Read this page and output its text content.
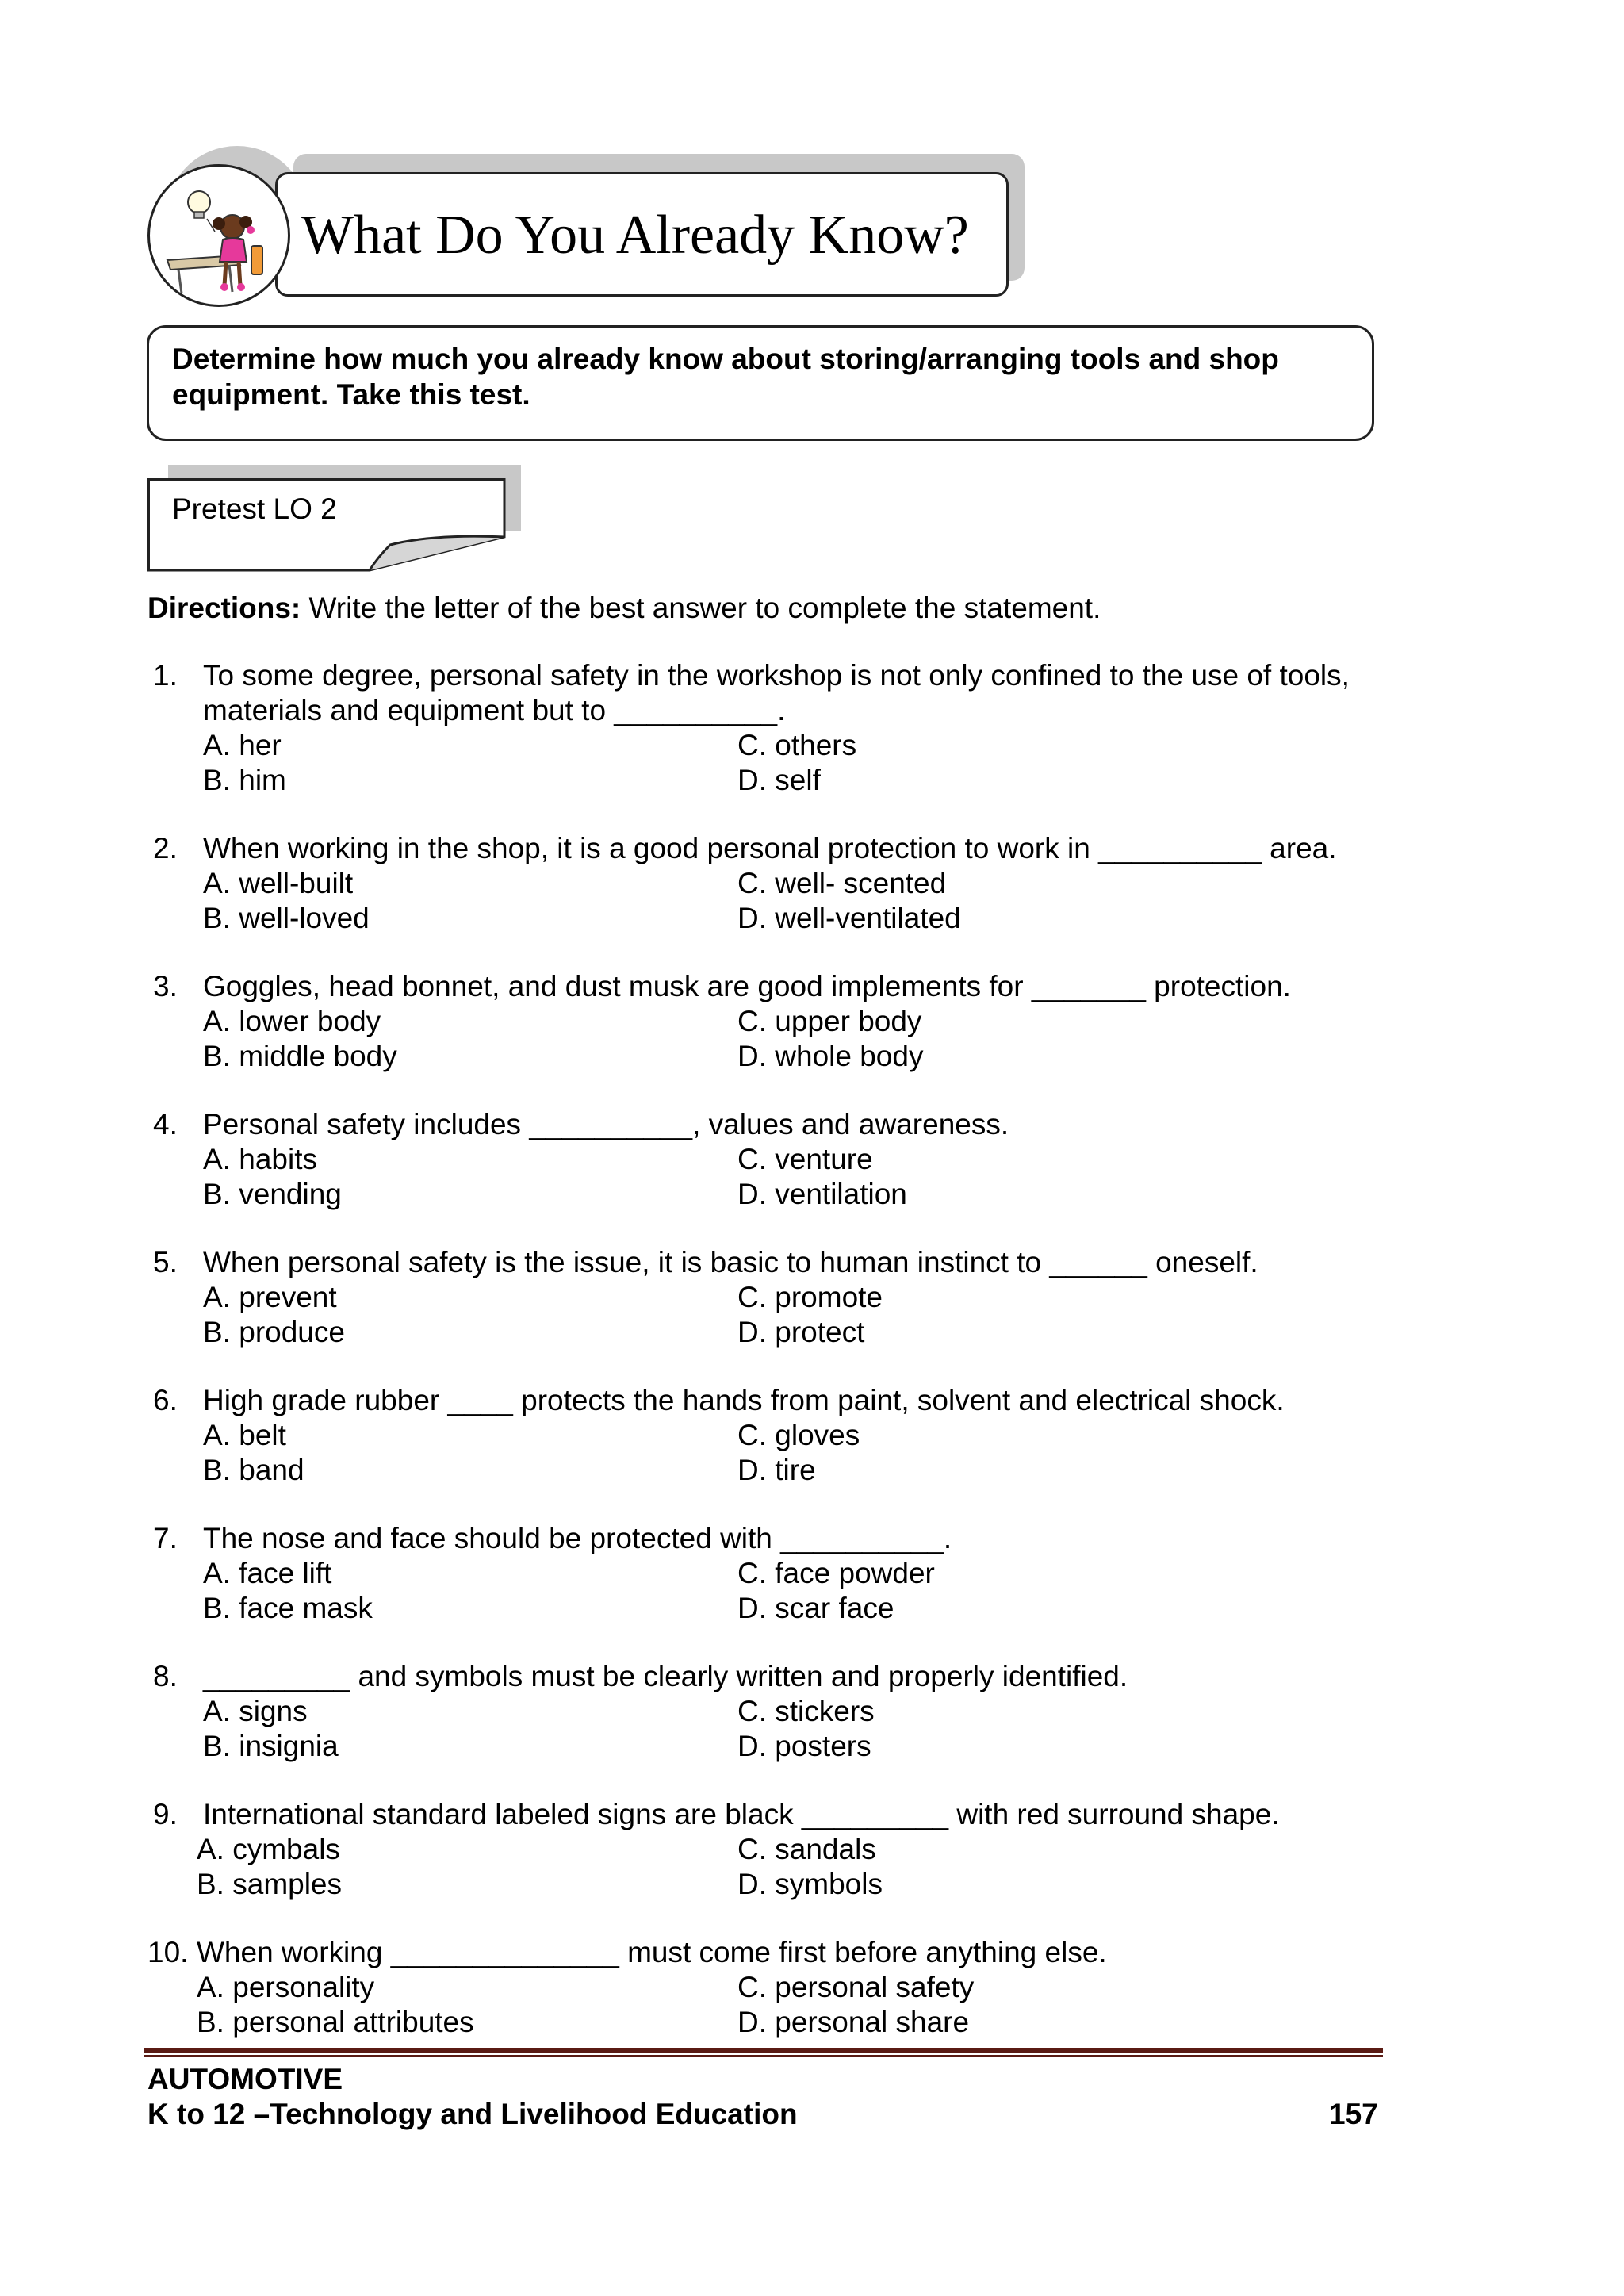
What Do You Already Know?
Determine how much you already know about storing/arranging tools and shop
equipment. Take this test.
Pretest LO 2
Directions: Write the letter of the best answer to complete the statement.
1. To some degree, personal safety in the workshop is not only confined to the use of tools,
materials and equipment but to __________.
A. her	C. others
B. him	D. self
2. When working in the shop, it is a good personal protection to work in __________ area.
A. well-built	C. well- scented
B. well-loved	D. well-ventilated
3. Goggles, head bonnet, and dust musk are good implements for _______ protection.
A. lower body	C. upper body
B. middle body	D. whole body
4. Personal safety includes __________, values and awareness.
A. habits	C. venture
B. vending	D. ventilation
5. When personal safety is the issue, it is basic to human instinct to ______ oneself.
A. prevent	C. promote
B. produce	D. protect
6. High grade rubber ____ protects the hands from paint, solvent and electrical shock.
A. belt	C. gloves
B. band	D. tire
7. The nose and face should be protected with __________.
A. face lift	C. face powder
B. face mask	D. scar face
8. _________ and symbols must be clearly written and properly identified.
A. signs	C. stickers
B. insignia	D. posters
9. International standard labeled signs are black _________ with red surround shape.
A. cymbals	C. sandals
B. samples	D. symbols
10. When working ______________ must come first before anything else.
A. personality	C. personal safety
B. personal attributes	D. personal share
AUTOMOTIVE
K to 12 –Technology and Livelihood Education	157
